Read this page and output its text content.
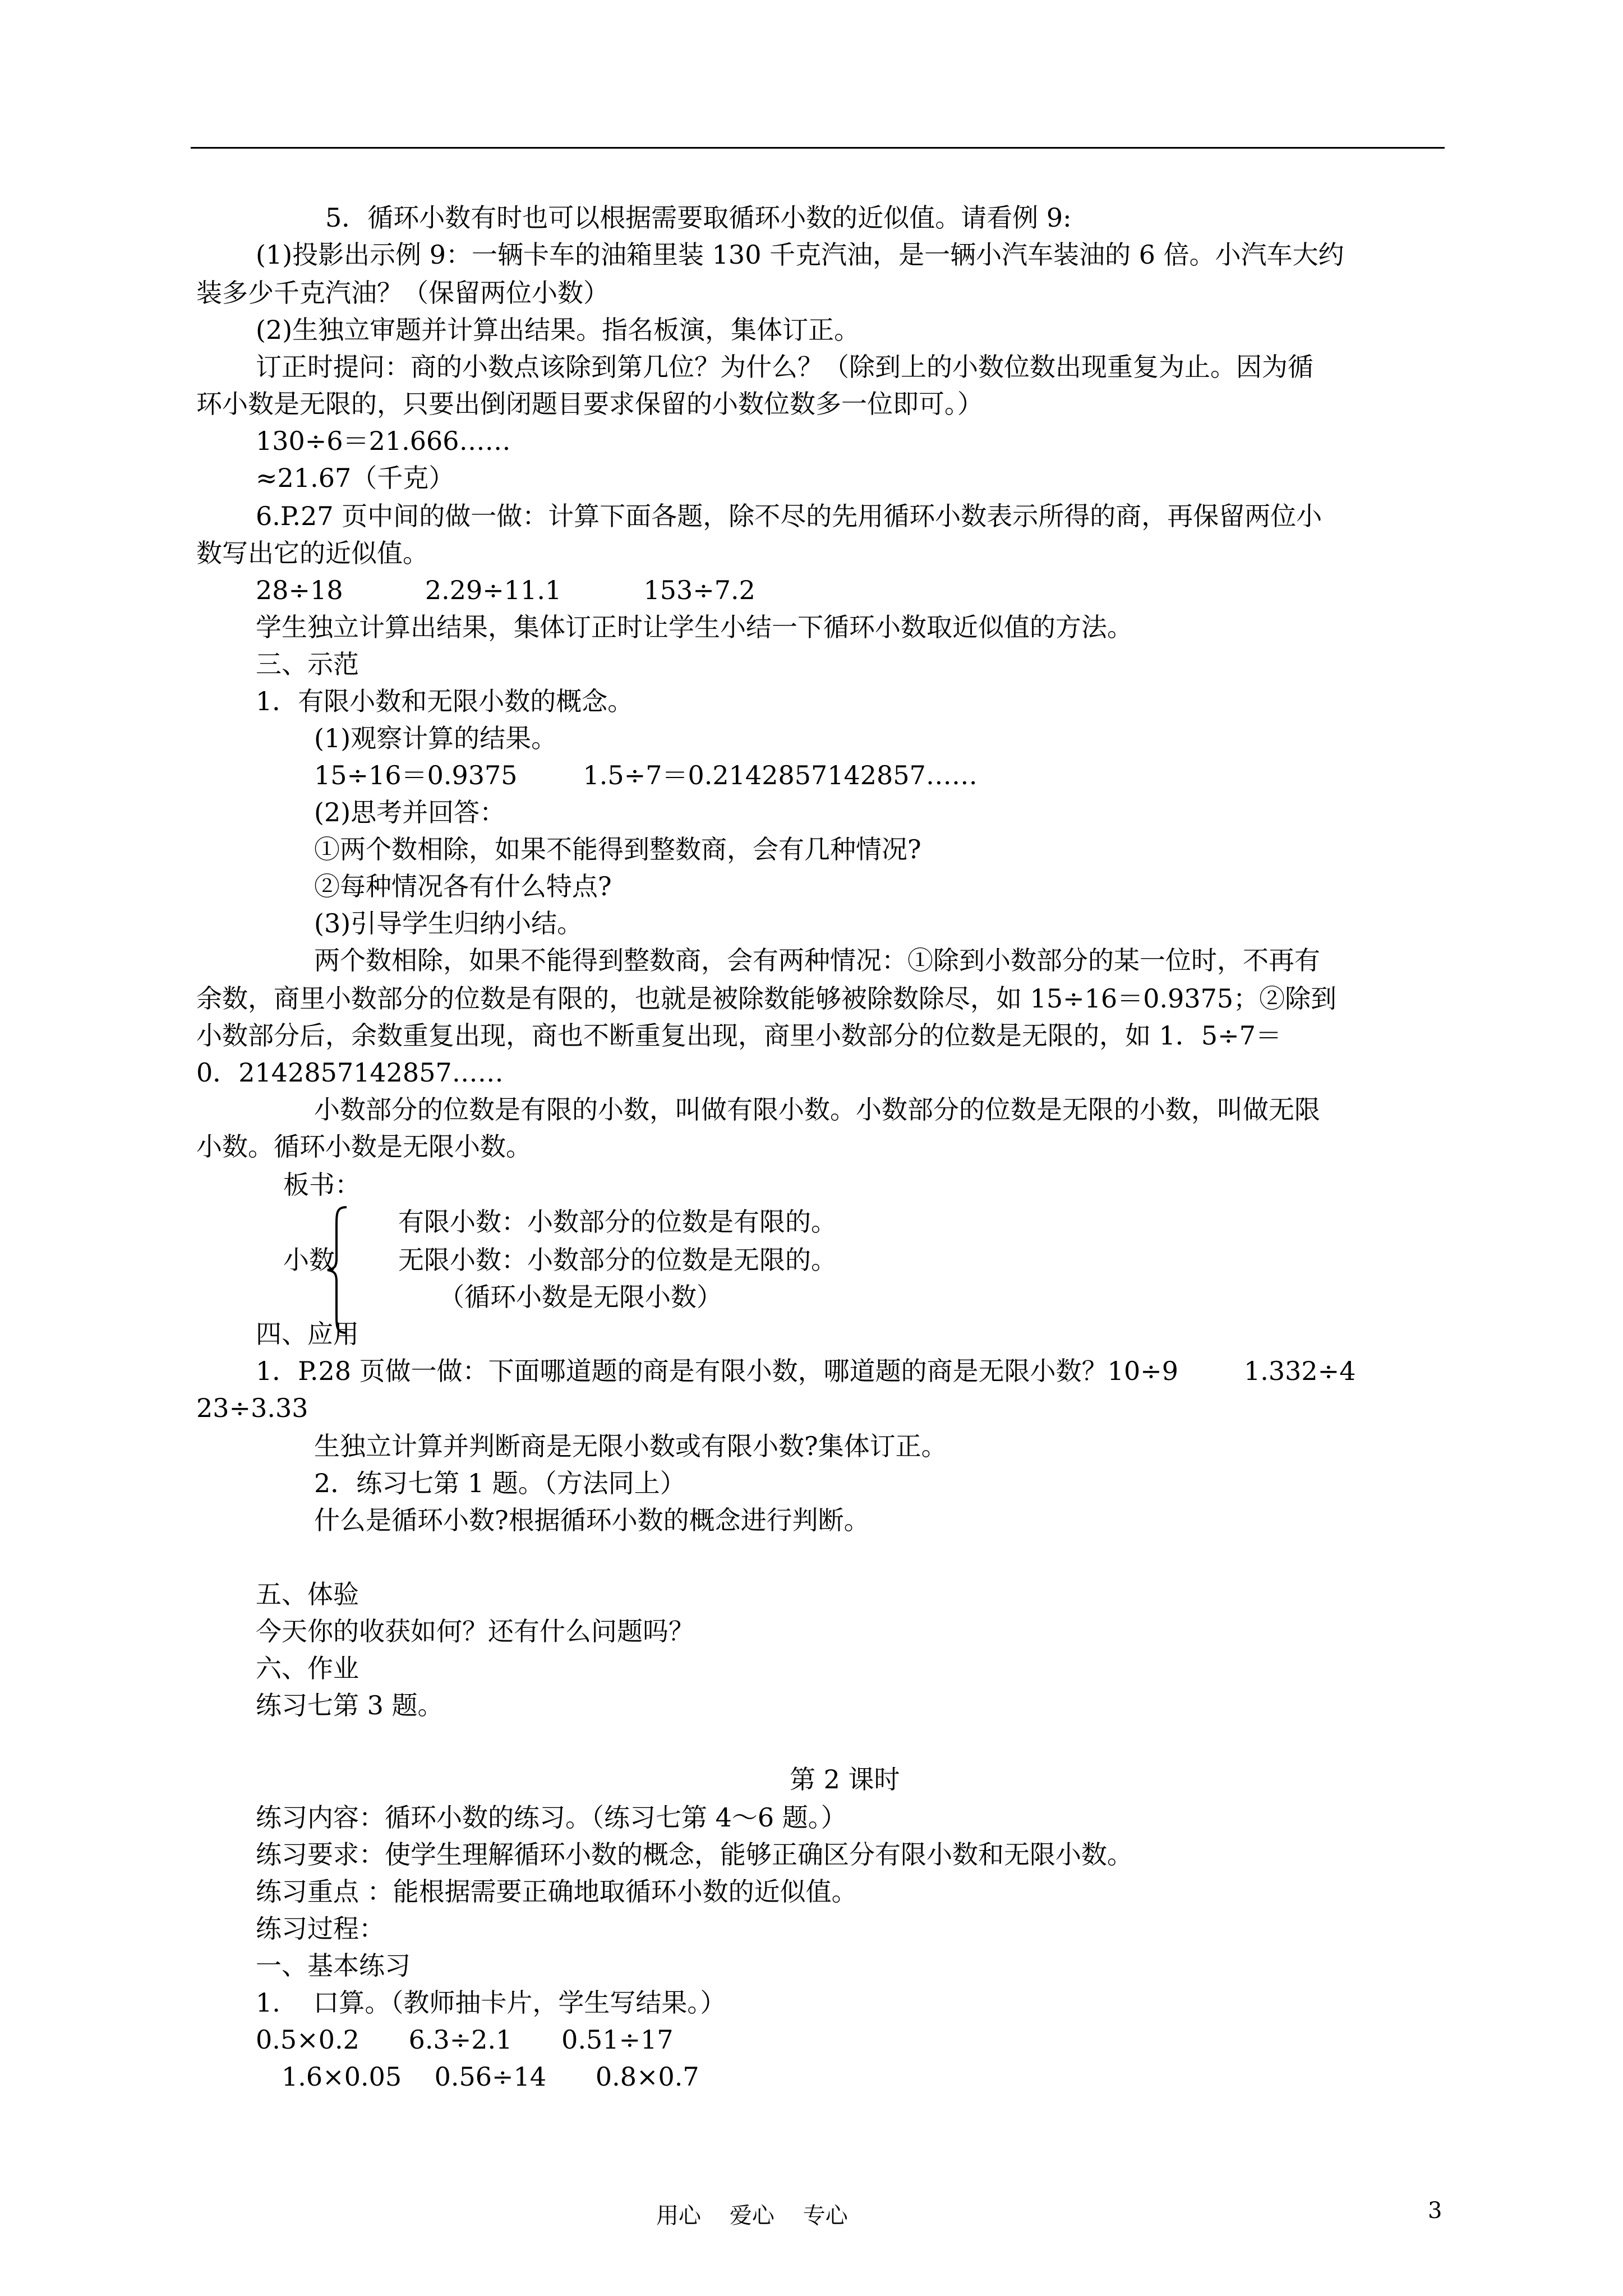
5．循环小数有时也可以根据需要取循环小数的近似值。请看例 9:
(1)投影出示例 9：一辆卡车的油箱里装 130 千克汽油，是一辆小汽车装油的 6 倍。小汽车大约
装多少千克汽油？（保留两位小数）
(2)生独立审题并计算出结果。指名板演，集体订正。
订正时提问：商的小数点该除到第几位？为什么？（除到上的小数位数出现重复为止。因为循
环小数是无限的，只要出倒闭题目要求保留的小数位数多一位即可。）
130÷6＝21.666……
≈21.67（千克）
6.P.27 页中间的做一做：计算下面各题，除不尽的先用循环小数表示所得的商，再保留两位小
数写出它的近似值。
28÷18          2.29÷11.1          153÷7.2
学生独立计算出结果，集体订正时让学生小结一下循环小数取近似值的方法。
三、示范
1．有限小数和无限小数的概念。
(1)观察计算的结果。
15÷16＝0.9375        1.5÷7＝0.2142857142857……
(2)思考并回答：
①两个数相除，如果不能得到整数商，会有几种情况?
②每种情况各有什么特点?
(3)引导学生归纳小结。
两个数相除，如果不能得到整数商，会有两种情况：①除到小数部分的某一位时，不再有
余数，商里小数部分的位数是有限的，也就是被除数能够被除数除尽，如 15÷16＝0.9375；②除到
小数部分后，余数重复出现，商也不断重复出现，商里小数部分的位数是无限的，如 1．5÷7＝
0．2142857142857……
小数部分的位数是有限的小数，叫做有限小数。小数部分的位数是无限的小数，叫做无限
小数。循环小数是无限小数。
板书：
有限小数：小数部分的位数是有限的。
小数 无限小数：小数部分的位数是无限的。
（循环小数是无限小数）
四、应用
1．P.28 页做一做：下面哪道题的商是有限小数，哪道题的商是无限小数？10÷9        1.332÷4
23÷3.33
生独立计算并判断商是无限小数或有限小数?集体订正。
2．练习七第 1 题。（方法同上）
什么是循环小数?根据循环小数的概念进行判断。
五、体验
今天你的收获如何？还有什么问题吗？
六、作业
练习七第 3 题。
第 2 课时
练习内容：循环小数的练习。（练习七第 4～6 题。）
练习要求：使学生理解循环小数的概念，能够正确区分有限小数和无限小数。
练习重点 ：能根据需要正确地取循环小数的近似值。
练习过程：
一、基本练习
1.    口算。（教师抽卡片，学生写结果。）
0.5×0.2      6.3÷2.1      0.51÷17
1.6×0.05    0.56÷14      0.8×0.7
用心    爱心    专心	3
